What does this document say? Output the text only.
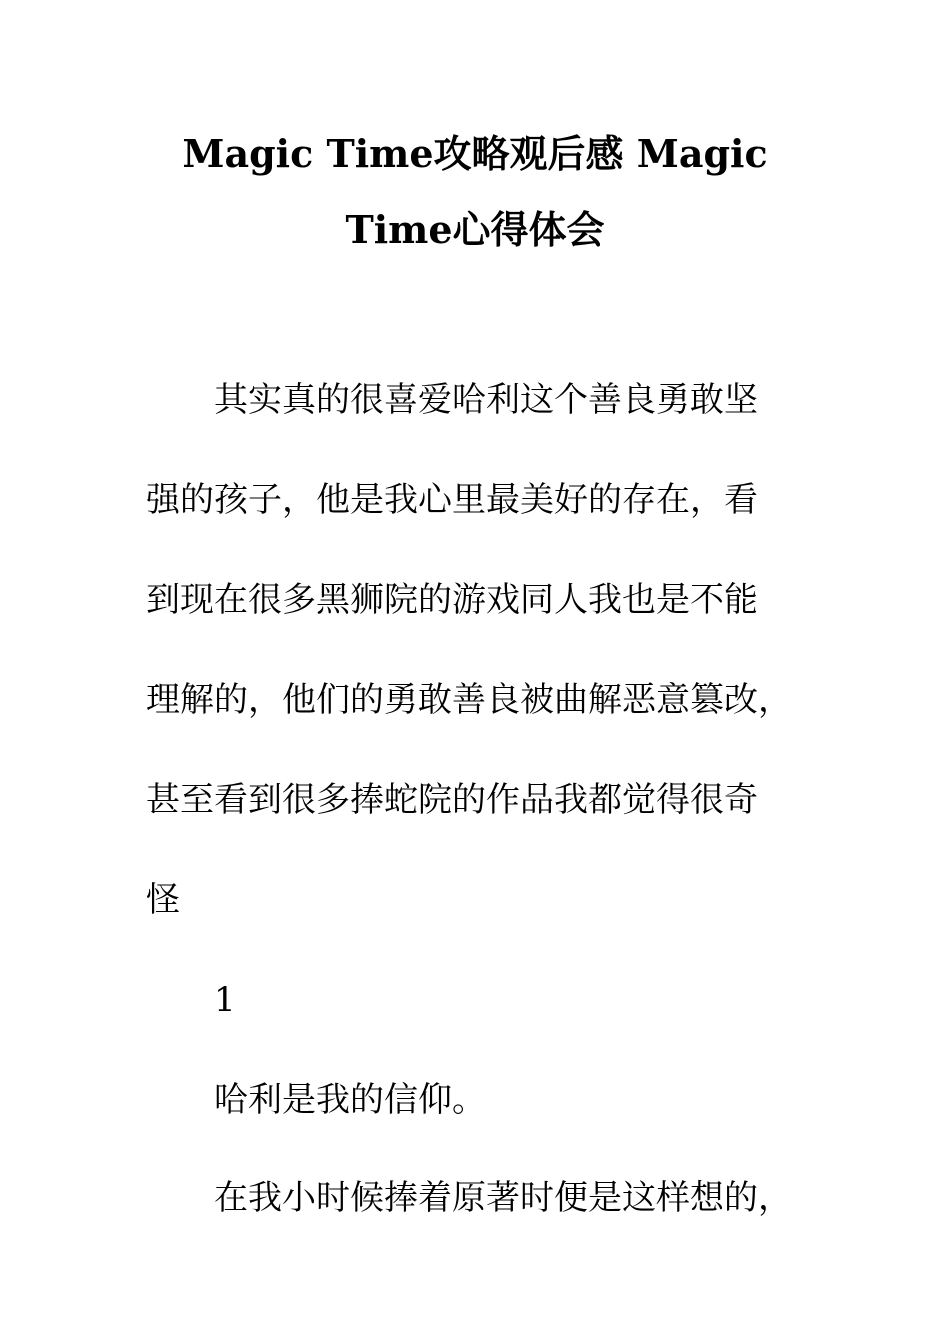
Magic Time攻略观后感 Magic
Time心得体会

其实真的很喜爱哈利这个善良勇敢坚

强的孩子，他是我心里最美好的存在，看

到现在很多黑狮院的游戏同人我也是不能

理解的，他们的勇敢善良被曲解恶意篡改，

甚至看到很多捧蛇院的作品我都觉得很奇

怪

1

哈利是我的信仰。

在我小时候捧着原著时便是这样想的，
